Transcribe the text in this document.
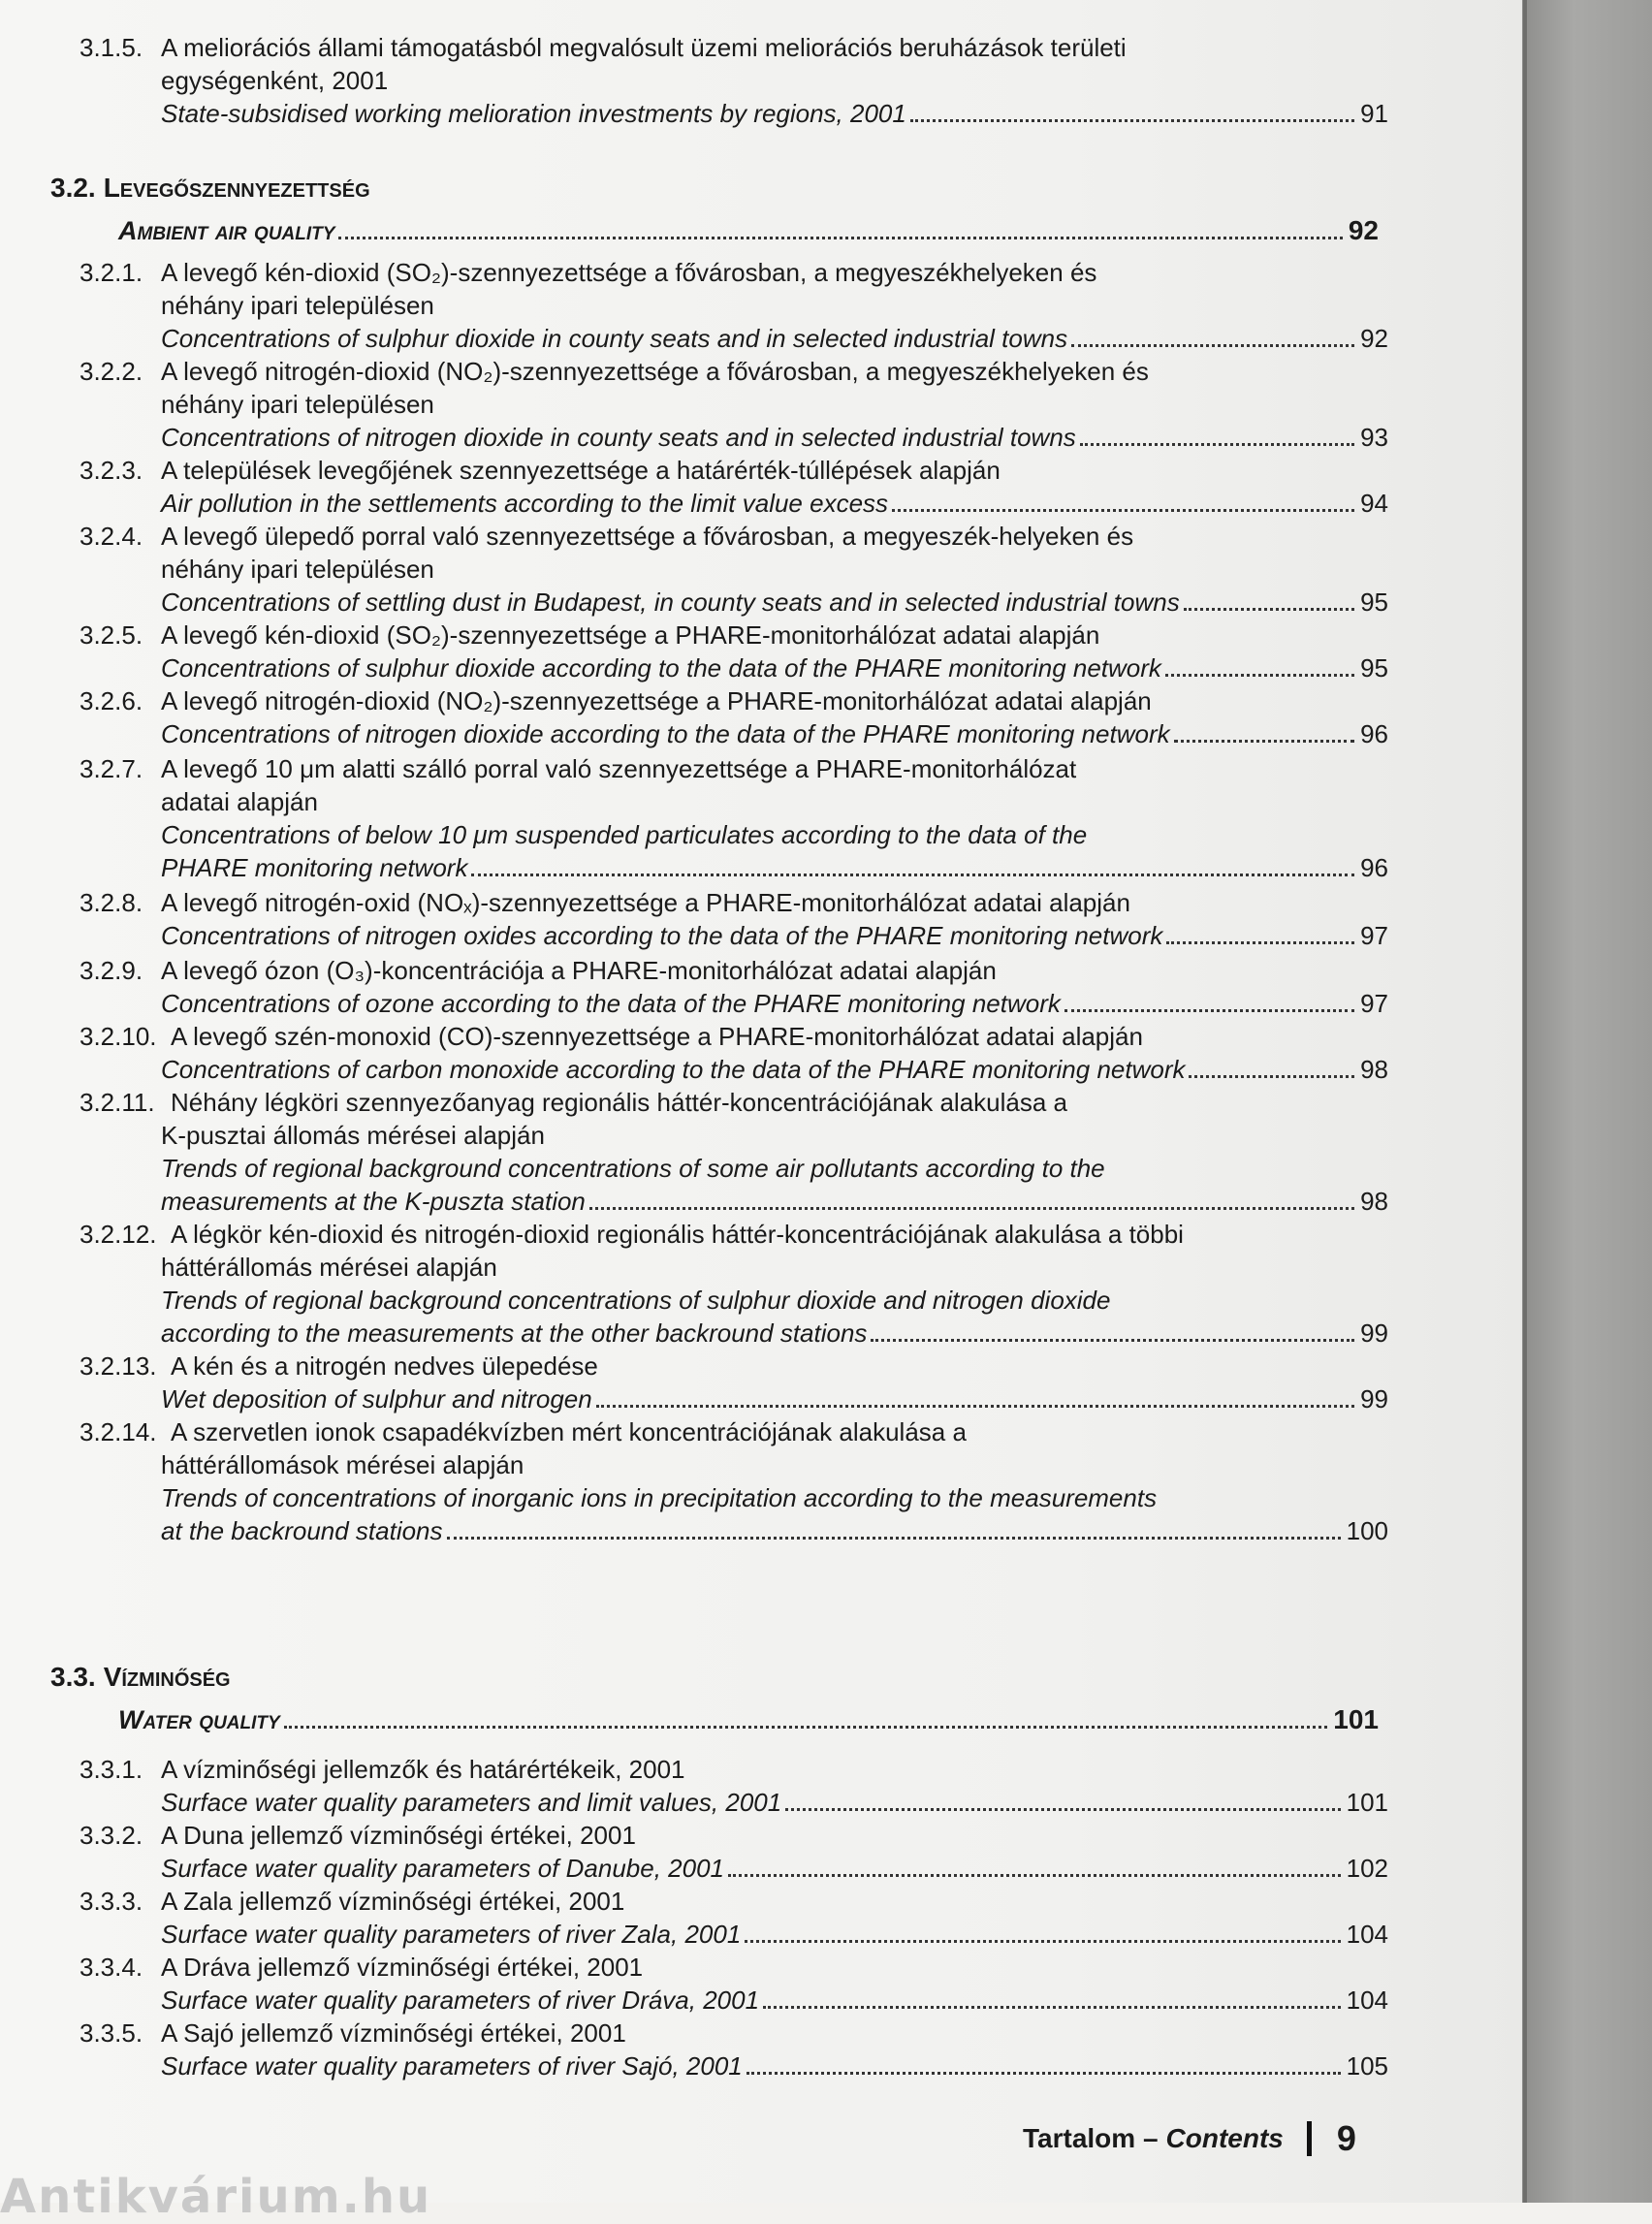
3.1.5. A meliorációs állami támogatásból megvalósult üzemi meliorációs beruházások területi
egységenként, 2001
State-subsidised working melioration investments by regions, 2001	91
3.2. Levegőszennyezettség
Ambient air quality	92
3.2.1. A levegő kén-dioxid (SO₂)-szennyezettsége a fővárosban, a megyeszékhelyeken és
néhány ipari településen
Concentrations of sulphur dioxide in county seats and in selected industrial towns	92
3.2.2. A levegő nitrogén-dioxid (NO₂)-szennyezettsége a fővárosban, a megyeszékhelyeken és
néhány ipari településen
Concentrations of nitrogen dioxide in county seats and in selected industrial towns	93
3.2.3. A települések levegőjének szennyezettsége a határérték-túllépések alapján
Air pollution in the settlements according to the limit value excess	94
3.2.4. A levegő ülepedő porral való szennyezettsége a fővárosban, a megyeszék-helyeken és
néhány ipari településen
Concentrations of settling dust in Budapest, in county seats and in selected industrial towns	95
3.2.5. A levegő kén-dioxid (SO₂)-szennyezettsége a PHARE-monitorhálózat adatai alapján
Concentrations of sulphur dioxide according to the data of the PHARE monitoring network	95
3.2.6. A levegő nitrogén-dioxid (NO₂)-szennyezettsége a PHARE-monitorhálózat adatai alapján
Concentrations of nitrogen dioxide according to the data of the PHARE monitoring network	96
3.2.7. A levegő 10 μm alatti szálló porral való szennyezettsége a PHARE-monitorhálózat
adatai alapján
Concentrations of below 10 μm suspended particulates according to the data of the
PHARE monitoring network	96
3.2.8. A levegő nitrogén-oxid (NOₓ)-szennyezettsége a PHARE-monitorhálózat adatai alapján
Concentrations of nitrogen oxides according to the data of the PHARE monitoring network	97
3.2.9. A levegő ózon (O₃)-koncentrációja a PHARE-monitorhálózat adatai alapján
Concentrations of ozone according to the data of the PHARE monitoring network	97
3.2.10. A levegő szén-monoxid (CO)-szennyezettsége a PHARE-monitorhálózat adatai alapján
Concentrations of carbon monoxide according to the data of the PHARE monitoring network	98
3.2.11. Néhány légköri szennyezőanyag regionális háttér-koncentrációjának alakulása a
K-pusztai állomás mérései alapján
Trends of regional background concentrations of some air pollutants according to the
measurements at the K-puszta station	98
3.2.12. A légkör kén-dioxid és nitrogén-dioxid regionális háttér-koncentrációjának alakulása a többi
háttérállomás mérései alapján
Trends of regional background concentrations of sulphur dioxide and nitrogen dioxide
according to the measurements at the other backround stations	99
3.2.13. A kén és a nitrogén nedves ülepedése
Wet deposition of sulphur and nitrogen	99
3.2.14. A szervetlen ionok csapadékvízben mért koncentrációjának alakulása a
háttérállomások mérései alapján
Trends of concentrations of inorganic ions in precipitation according to the measurements
at the backround stations	100
3.3. Vízminőség
Water quality	101
3.3.1. A vízminőségi jellemzők és határértékeik, 2001
Surface water quality parameters and limit values, 2001	101
3.3.2. A Duna jellemző vízminőségi értékei, 2001
Surface water quality parameters of Danube, 2001	102
3.3.3. A Zala jellemző vízminőségi értékei, 2001
Surface water quality parameters of river Zala, 2001	104
3.3.4. A Dráva jellemző vízminőségi értékei, 2001
Surface water quality parameters of river Dráva, 2001	104
3.3.5. A Sajó jellemző vízminőségi értékei, 2001
Surface water quality parameters of river Sajó, 2001	105
Tartalom – Contents 9
Antikvárium.hu
